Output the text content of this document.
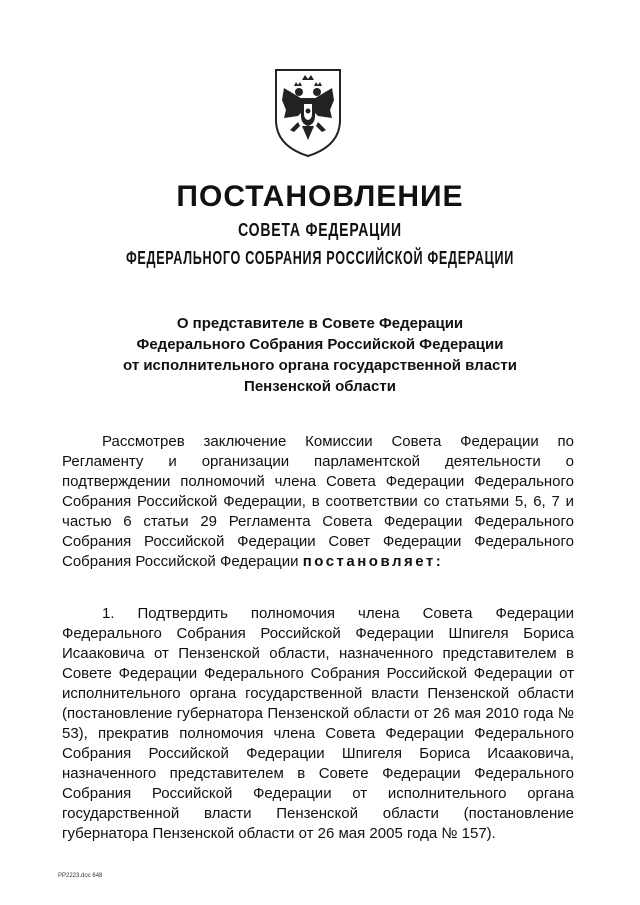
ПОСТАНОВЛЕНИЕ
СОВЕТА ФЕДЕРАЦИИ
ФЕДЕРАЛЬНОГО СОБРАНИЯ РОССИЙСКОЙ ФЕДЕРАЦИИ
О представителе в Совете Федерации
Федерального Собрания Российской Федерации
от исполнительного органа государственной власти
Пензенской области
Рассмотрев заключение Комиссии Совета Федерации по Регламенту и организации парламентской деятельности о подтверждении полномочий члена Совета Федерации Федерального Собрания Российской Федерации, в соответствии со статьями 5, 6, 7 и частью 6 статьи 29 Регламента Совета Федерации Федерального Собрания Российской Федерации Совет Федерации Федерального Собрания Российской Федерации постановляет:
1. Подтвердить полномочия члена Совета Федерации Федерального Собрания Российской Федерации Шпигеля Бориса Исааковича от Пензенской области, назначенного представителем в Совете Федерации Федерального Собрания Российской Федерации от исполнительного органа государственной власти Пензенской области (постановление губернатора Пензенской области от 26 мая 2010 года № 53), прекратив полномочия члена Совета Федерации Федерального Собрания Российской Федерации Шпигеля Бориса Исааковича, назначенного представителем в Совете Федерации Федерального Собрания Российской Федерации от исполнительного органа государственной власти Пензенской области (постановление губернатора Пензенской области от 26 мая 2005 года № 157).
РР2223.doc 648
